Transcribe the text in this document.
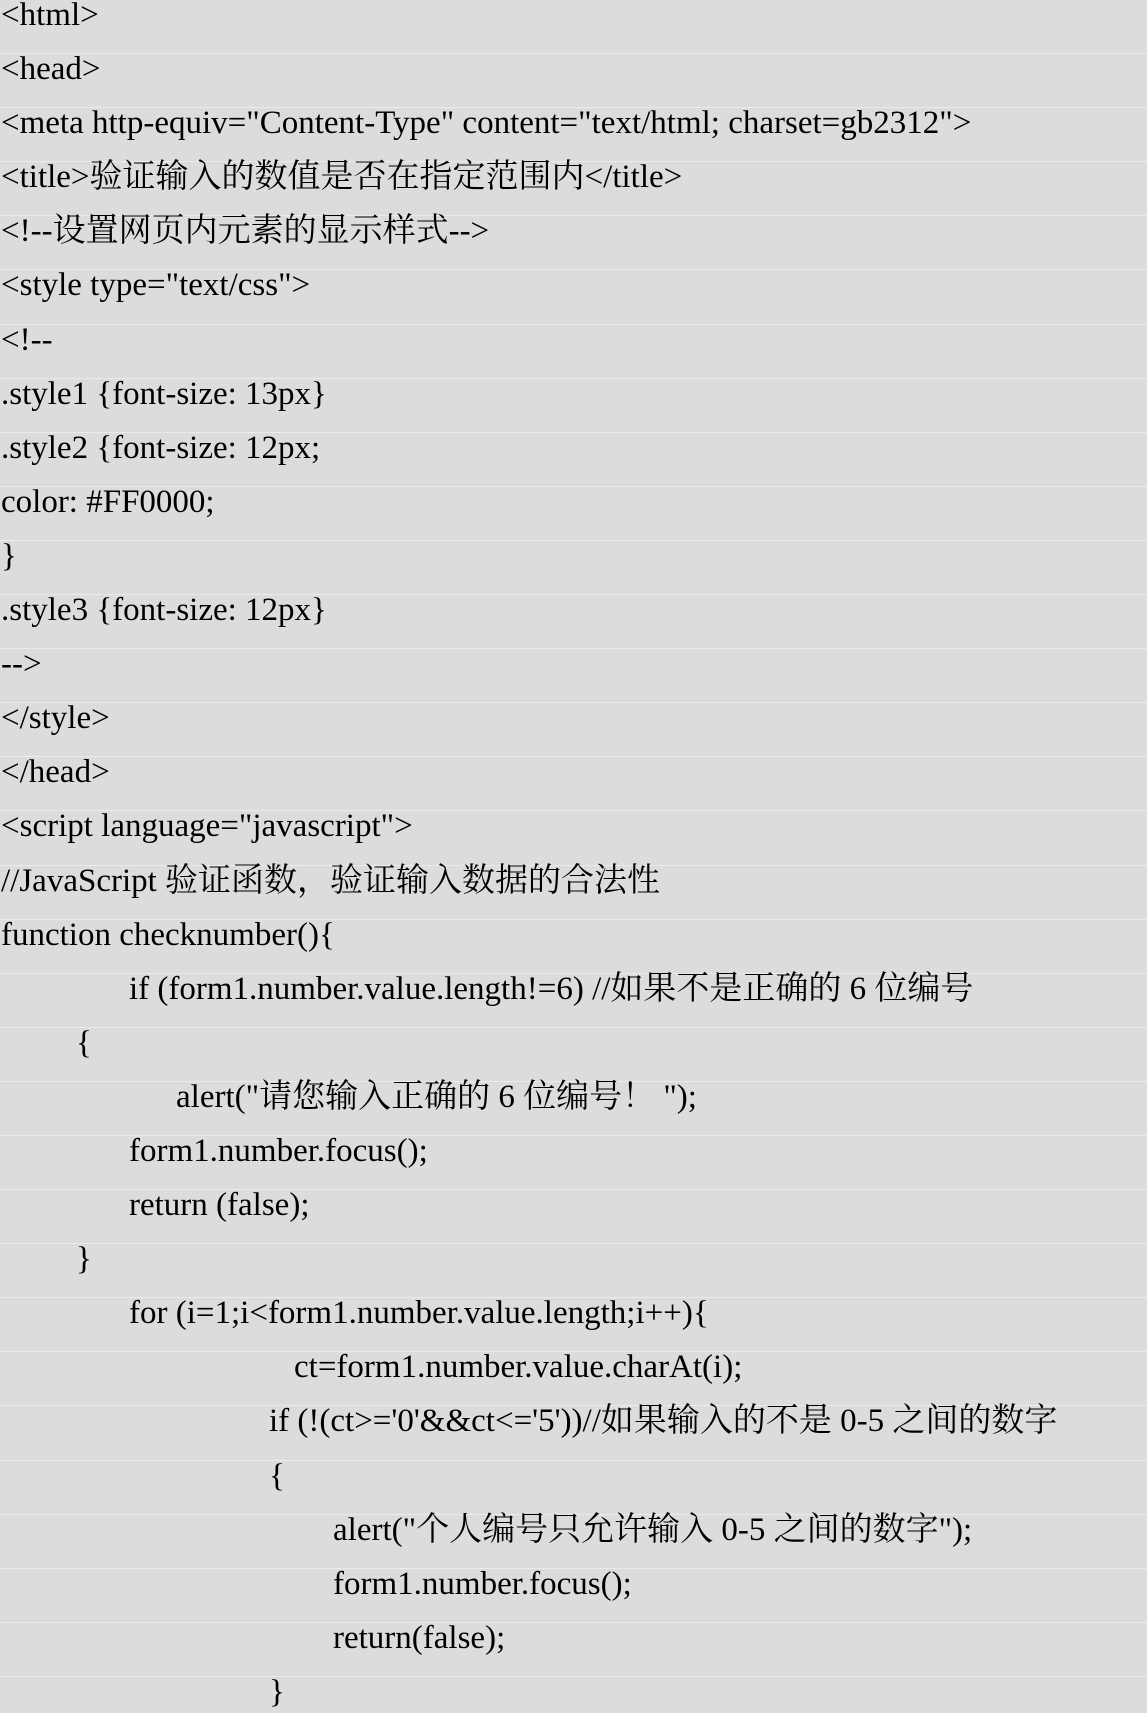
<html>
<head>
<meta http-equiv="Content-Type" content="text/html; charset=gb2312">
<title>验证输入的数值是否在指定范围内</title>
<!--设置网页内元素的显示样式-->
<style type="text/css">
<!--
.style1 {font-size: 13px}
.style2 {font-size: 12px;
color: #FF0000;
}
.style3 {font-size: 12px}
-->
</style>
</head>
<script language="javascript">
//JavaScript 验证函数，验证输入数据的合法性
function checknumber(){
if (form1.number.value.length!=6) //如果不是正确的 6 位编号
{
alert("请您输入正确的 6 位编号！ ");
form1.number.focus();
return (false);
}
for (i=1;i<form1.number.value.length;i++){
ct=form1.number.value.charAt(i);
if (!(ct>='0'&&ct<='5'))//如果输入的不是 0-5 之间的数字
{
alert("个人编号只允许输入 0-5 之间的数字");
form1.number.focus();
return(false);
}
